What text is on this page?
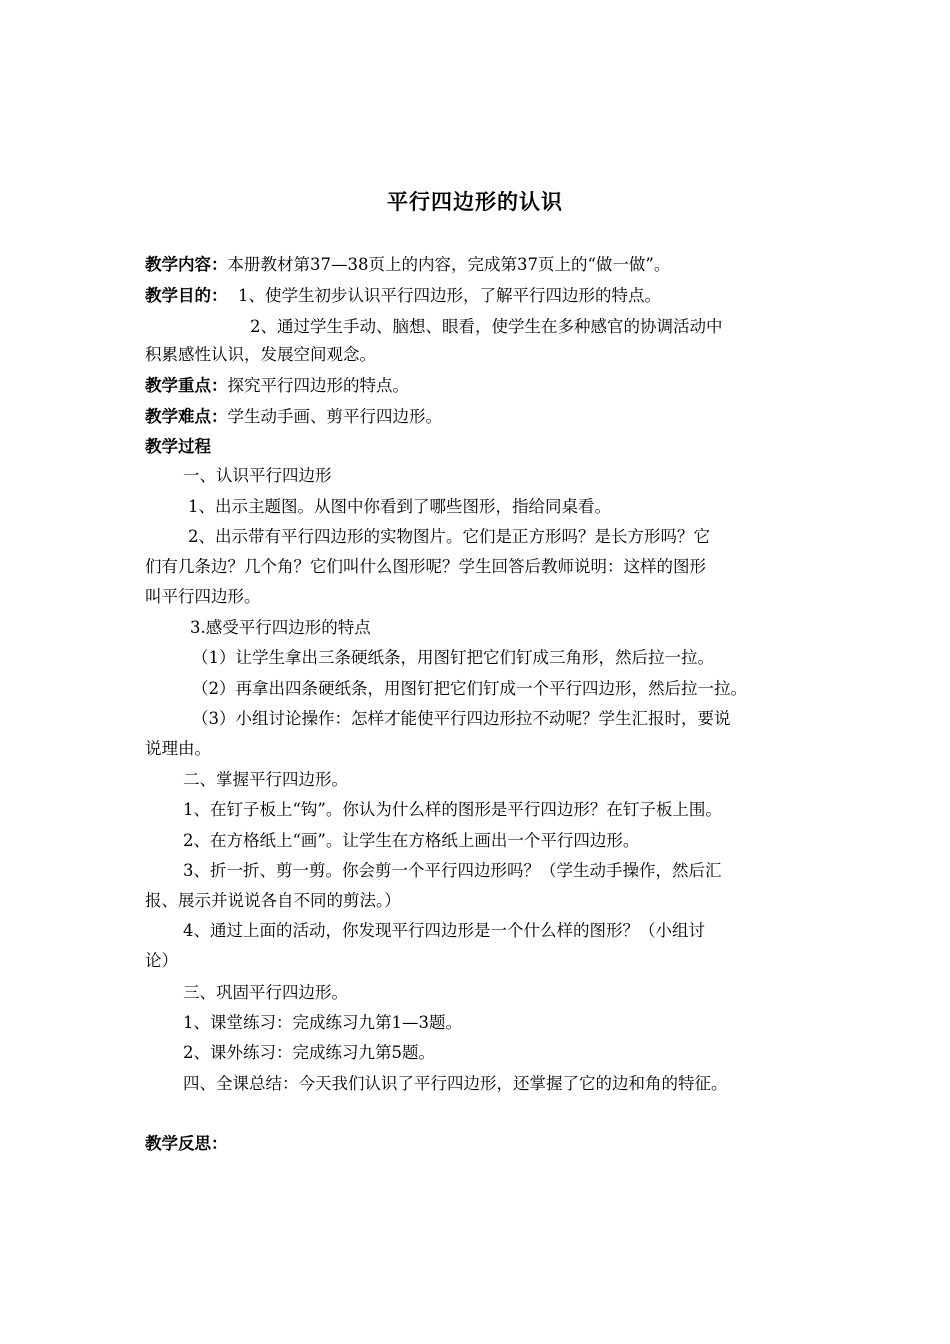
平行四边形的认识
教学内容：本册教材第37—38页上的内容，完成第37页上的“做一做”。
教学目的： 1、使学生初步认识平行四边形，了解平行四边形的特点。
2、通过学生手动、脑想、眼看，使学生在多种感官的协调活动中
积累感性认识，发展空间观念。
教学重点：探究平行四边形的特点。
教学难点：学生动手画、剪平行四边形。
教学过程
一、认识平行四边形
1、出示主题图。从图中你看到了哪些图形，指给同桌看。
2、出示带有平行四边形的实物图片。它们是正方形吗？是长方形吗？它
们有几条边？几个角？它们叫什么图形呢？学生回答后教师说明：这样的图形
叫平行四边形。
3.感受平行四边形的特点
（1）让学生拿出三条硬纸条，用图钉把它们钉成三角形，然后拉一拉。
（2）再拿出四条硬纸条，用图钉把它们钉成一个平行四边形，然后拉一拉。
（3）小组讨论操作：怎样才能使平行四边形拉不动呢？学生汇报时，要说
说理由。
二、掌握平行四边形。
1、在钉子板上“钩”。你认为什么样的图形是平行四边形？在钉子板上围。
2、在方格纸上“画”。让学生在方格纸上画出一个平行四边形。
3、折一折、剪一剪。你会剪一个平行四边形吗？（学生动手操作，然后汇
报、展示并说说各自不同的剪法。）
4、通过上面的活动，你发现平行四边形是一个什么样的图形？（小组讨
论）
三、巩固平行四边形。
1、课堂练习：完成练习九第1—3题。
2、课外练习：完成练习九第5题。
四、全课总结：今天我们认识了平行四边形，还掌握了它的边和角的特征。
教学反思：
